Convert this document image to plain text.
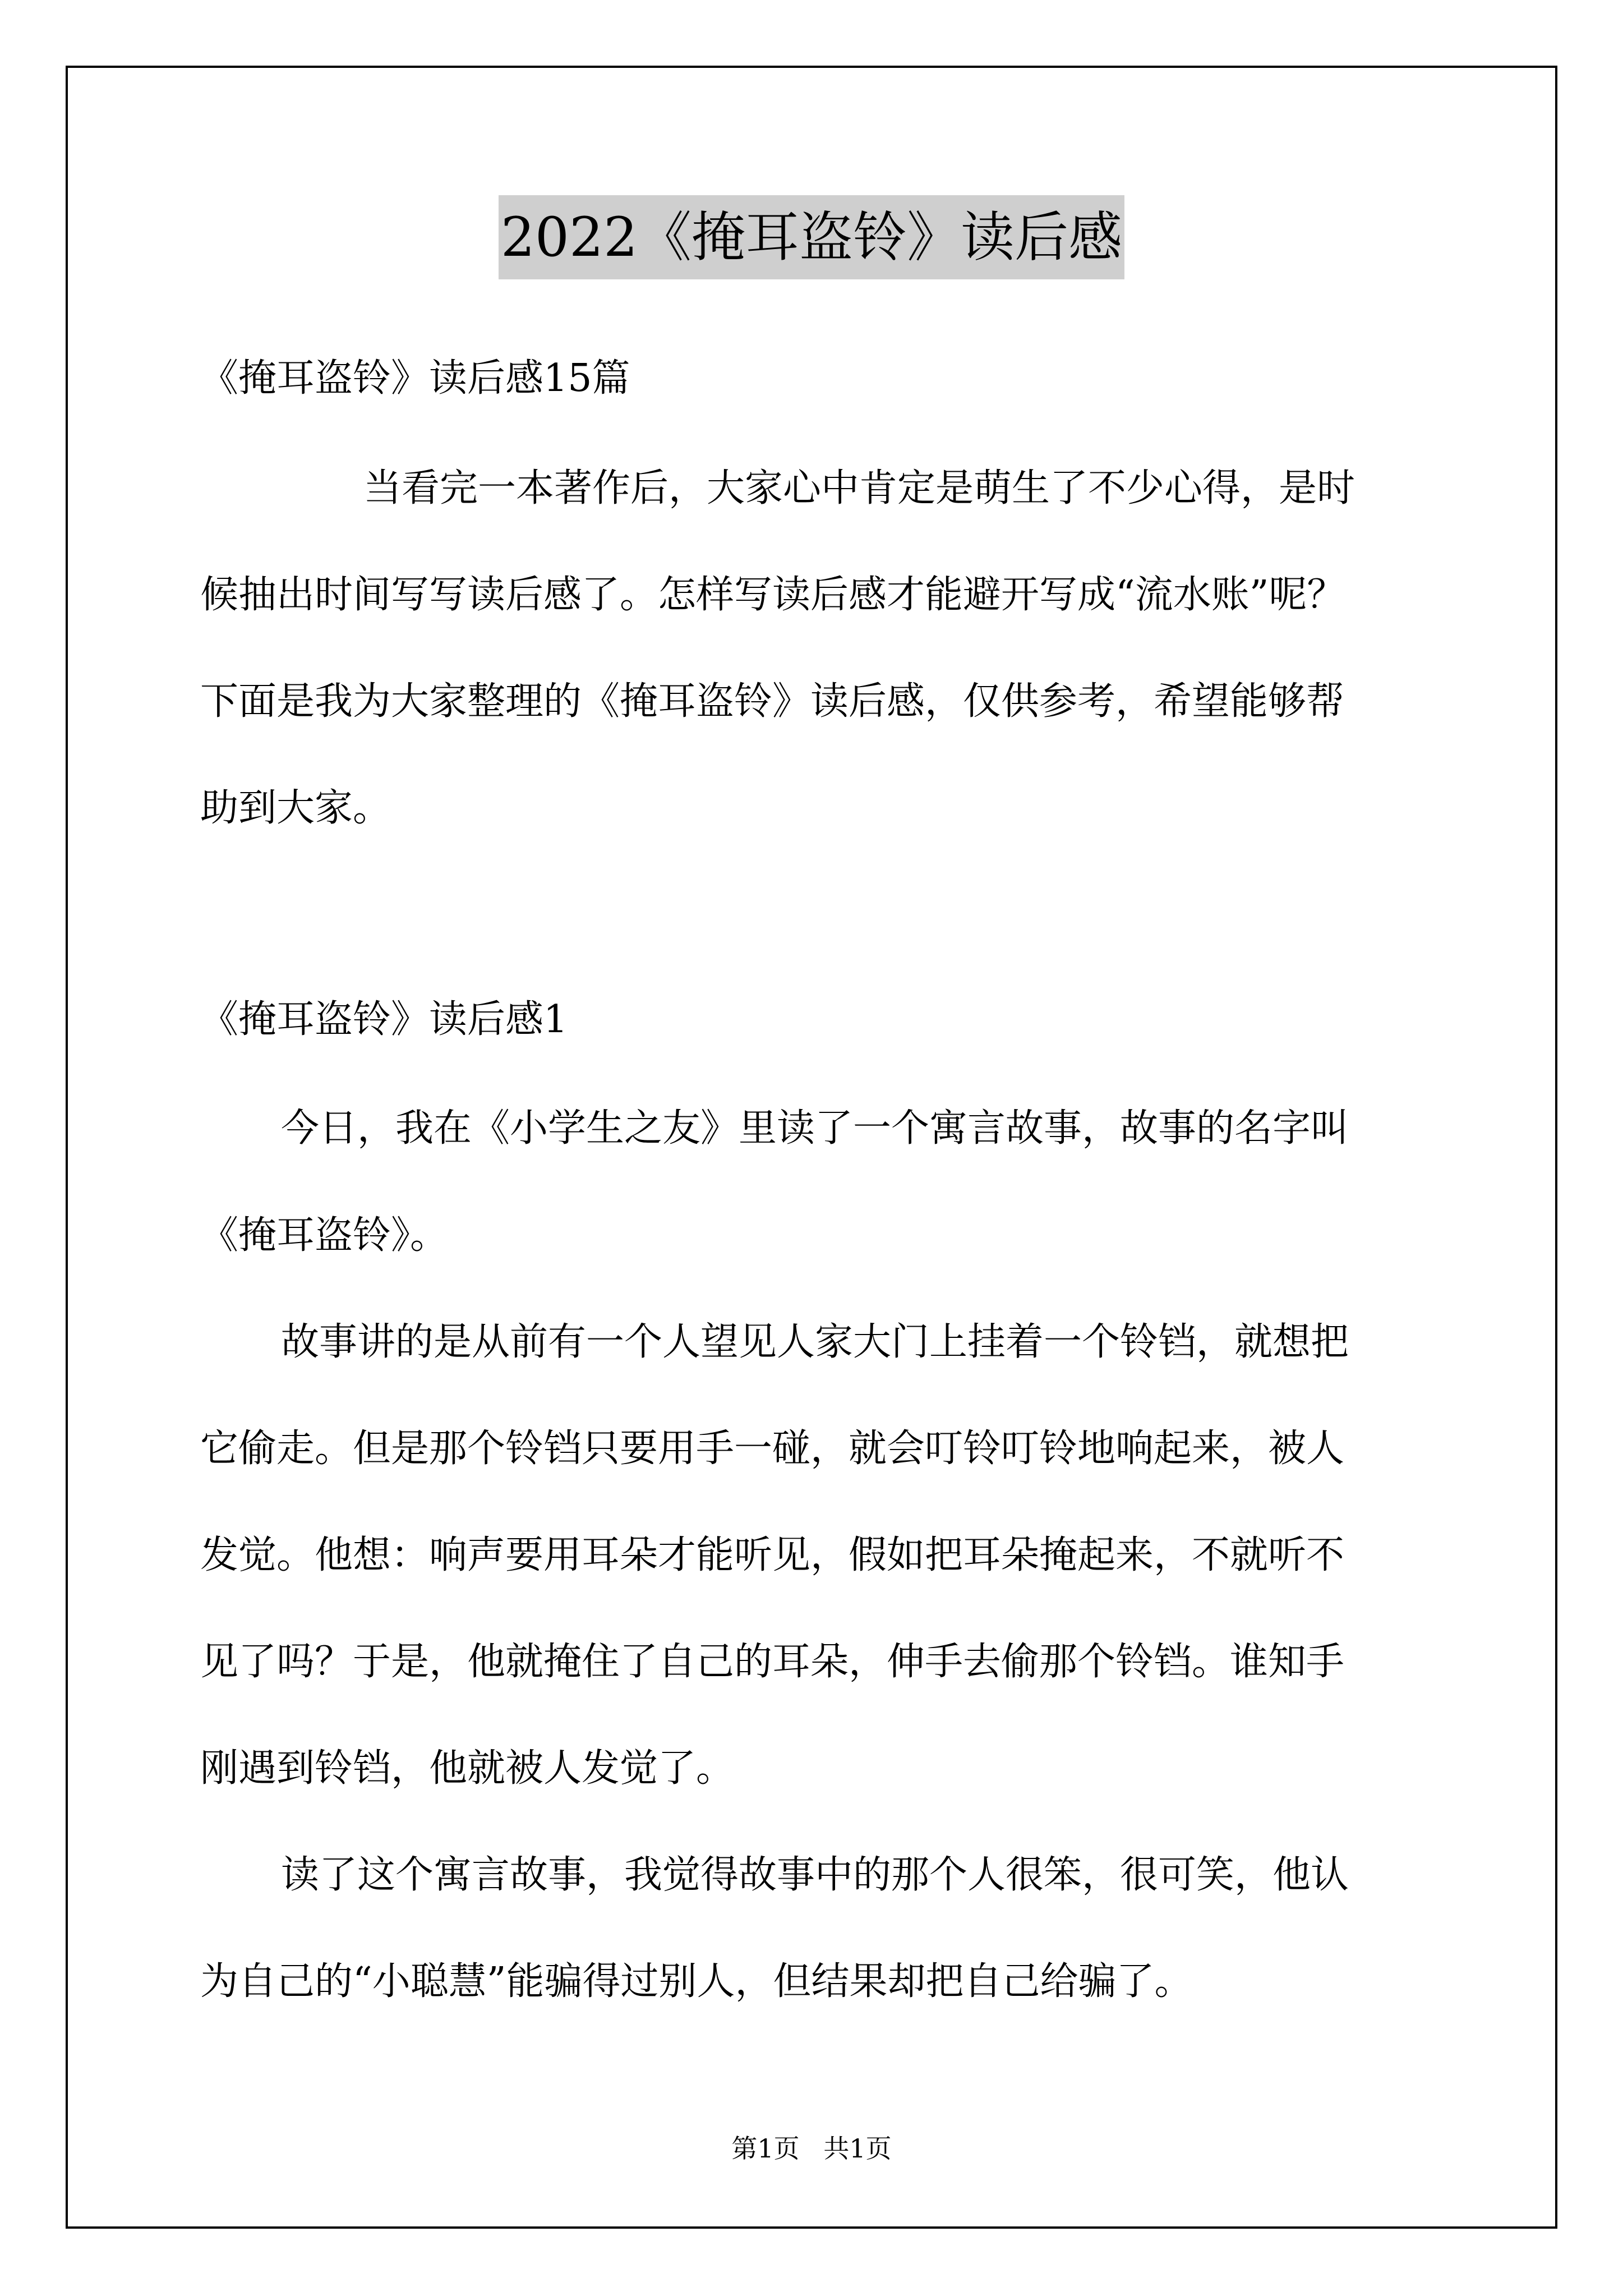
2022《掩耳盗铃》读后感
《掩耳盗铃》读后感15篇
当看完一本著作后，大家心中肯定是萌生了不少心得，是时
候抽出时间写写读后感了。怎样写读后感才能避开写成“流水账”呢？
下面是我为大家整理的《掩耳盗铃》读后感，仅供参考，希望能够帮
助到大家。
《掩耳盗铃》读后感1
今日，我在《小学生之友》里读了一个寓言故事，故事的名字叫
《掩耳盗铃》。
故事讲的是从前有一个人望见人家大门上挂着一个铃铛，就想把
它偷走。但是那个铃铛只要用手一碰，就会叮铃叮铃地响起来，被人
发觉。他想：响声要用耳朵才能听见，假如把耳朵掩起来，不就听不
见了吗？于是，他就掩住了自己的耳朵，伸手去偷那个铃铛。谁知手
刚遇到铃铛，他就被人发觉了。
读了这个寓言故事，我觉得故事中的那个人很笨，很可笑，他认
为自己的“小聪慧”能骗得过别人，但结果却把自己给骗了。
第1页 共1页
